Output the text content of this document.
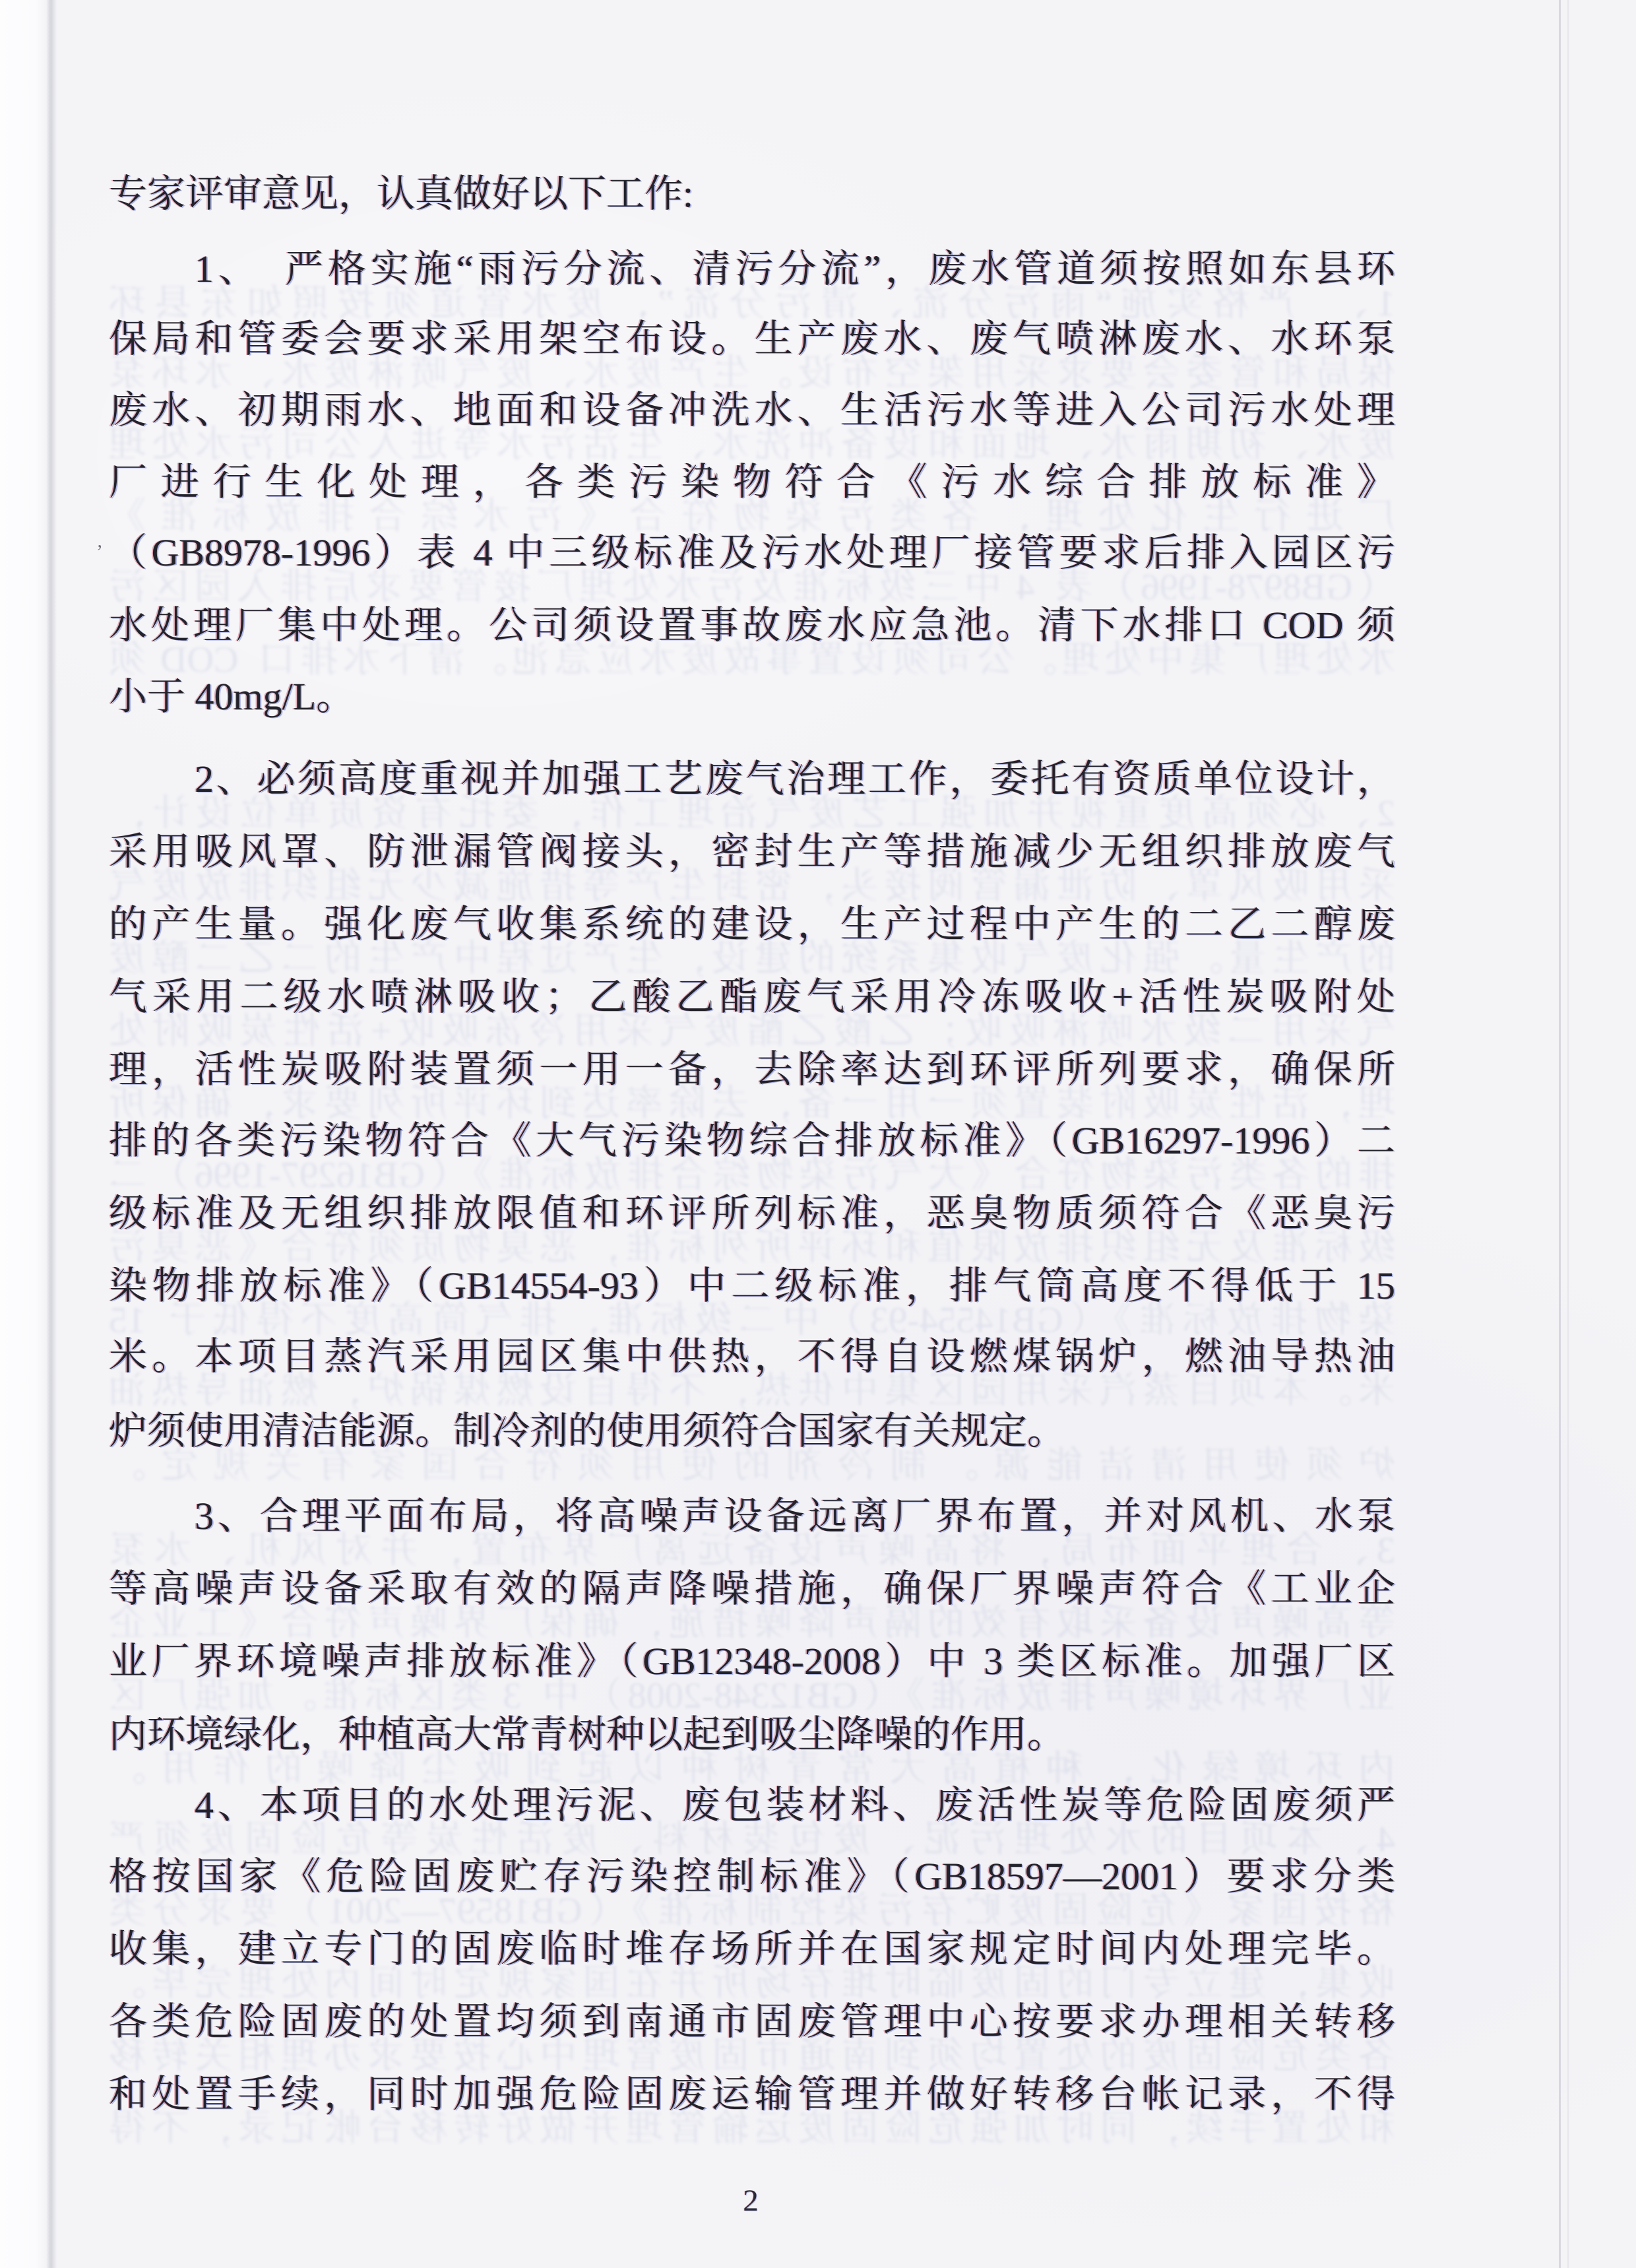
专家评审意见，认真做好以下工作:
1、　严格实施“雨污分流、清污分流”，废水管道须按照如东县环
1、　严格实施“雨污分流、清污分流”，废水管道须按照如东县环
保局和管委会要求采用架空布设。生产废水、废气喷淋废水、水环泵
保局和管委会要求采用架空布设。生产废水、废气喷淋废水、水环泵
废水、初期雨水、地面和设备冲洗水、生活污水等进入公司污水处理
废水、初期雨水、地面和设备冲洗水、生活污水等进入公司污水处理
厂进行生化处理，各类污染物符合《污水综合排放标准》
厂进行生化处理，各类污染物符合《污水综合排放标准》
（GB8978-1996）表 4 中三级标准及污水处理厂接管要求后排入园区污
（GB8978-1996）表 4 中三级标准及污水处理厂接管要求后排入园区污
水处理厂集中处理。公司须设置事故废水应急池。清下水排口 COD 须
水处理厂集中处理。公司须设置事故废水应急池。清下水排口 COD 须
小于 40mg/L。
2、必须高度重视并加强工艺废气治理工作，委托有资质单位设计，
2、必须高度重视并加强工艺废气治理工作，委托有资质单位设计，
采用吸风罩、防泄漏管阀接头，密封生产等措施减少无组织排放废气
采用吸风罩、防泄漏管阀接头，密封生产等措施减少无组织排放废气
的产生量。强化废气收集系统的建设，生产过程中产生的二乙二醇废
的产生量。强化废气收集系统的建设，生产过程中产生的二乙二醇废
气采用二级水喷淋吸收；乙酸乙酯废气采用冷冻吸收+活性炭吸附处
气采用二级水喷淋吸收；乙酸乙酯废气采用冷冻吸收+活性炭吸附处
理，活性炭吸附装置须一用一备，去除率达到环评所列要求，确保所
理，活性炭吸附装置须一用一备，去除率达到环评所列要求，确保所
排的各类污染物符合《大气污染物综合排放标准》（GB16297-1996）二
排的各类污染物符合《大气污染物综合排放标准》（GB16297-1996）二
级标准及无组织排放限值和环评所列标准，恶臭物质须符合《恶臭污
级标准及无组织排放限值和环评所列标准，恶臭物质须符合《恶臭污
染物排放标准》（GB14554-93）中二级标准，排气筒高度不得低于 15
染物排放标准》（GB14554-93）中二级标准，排气筒高度不得低于 15
米。本项目蒸汽采用园区集中供热，不得自设燃煤锅炉，燃油导热油
米。本项目蒸汽采用园区集中供热，不得自设燃煤锅炉，燃油导热油
炉须使用清洁能源。制冷剂的使用须符合国家有关规定。
炉须使用清洁能源。制冷剂的使用须符合国家有关规定。
3、合理平面布局，将高噪声设备远离厂界布置，并对风机、水泵
3、合理平面布局，将高噪声设备远离厂界布置，并对风机、水泵
等高噪声设备采取有效的隔声降噪措施，确保厂界噪声符合《工业企
等高噪声设备采取有效的隔声降噪措施，确保厂界噪声符合《工业企
业厂界环境噪声排放标准》（GB12348-2008）中 3 类区标准。加强厂区
业厂界环境噪声排放标准》（GB12348-2008）中 3 类区标准。加强厂区
内环境绿化，种植高大常青树种以起到吸尘降噪的作用。
内环境绿化，种植高大常青树种以起到吸尘降噪的作用。
4、本项目的水处理污泥、废包装材料、废活性炭等危险固废须严
4、本项目的水处理污泥、废包装材料、废活性炭等危险固废须严
格按国家《危险固废贮存污染控制标准》（GB18597—2001）要求分类
格按国家《危险固废贮存污染控制标准》（GB18597—2001）要求分类
收集，建立专门的固废临时堆存场所并在国家规定时间内处理完毕。
收集，建立专门的固废临时堆存场所并在国家规定时间内处理完毕。
各类危险固废的处置均须到南通市固废管理中心按要求办理相关转移
各类危险固废的处置均须到南通市固废管理中心按要求办理相关转移
和处置手续，同时加强危险固废运输管理并做好转移台帐记录，不得
和处置手续，同时加强危险固废运输管理并做好转移台帐记录，不得
ʼ
2
